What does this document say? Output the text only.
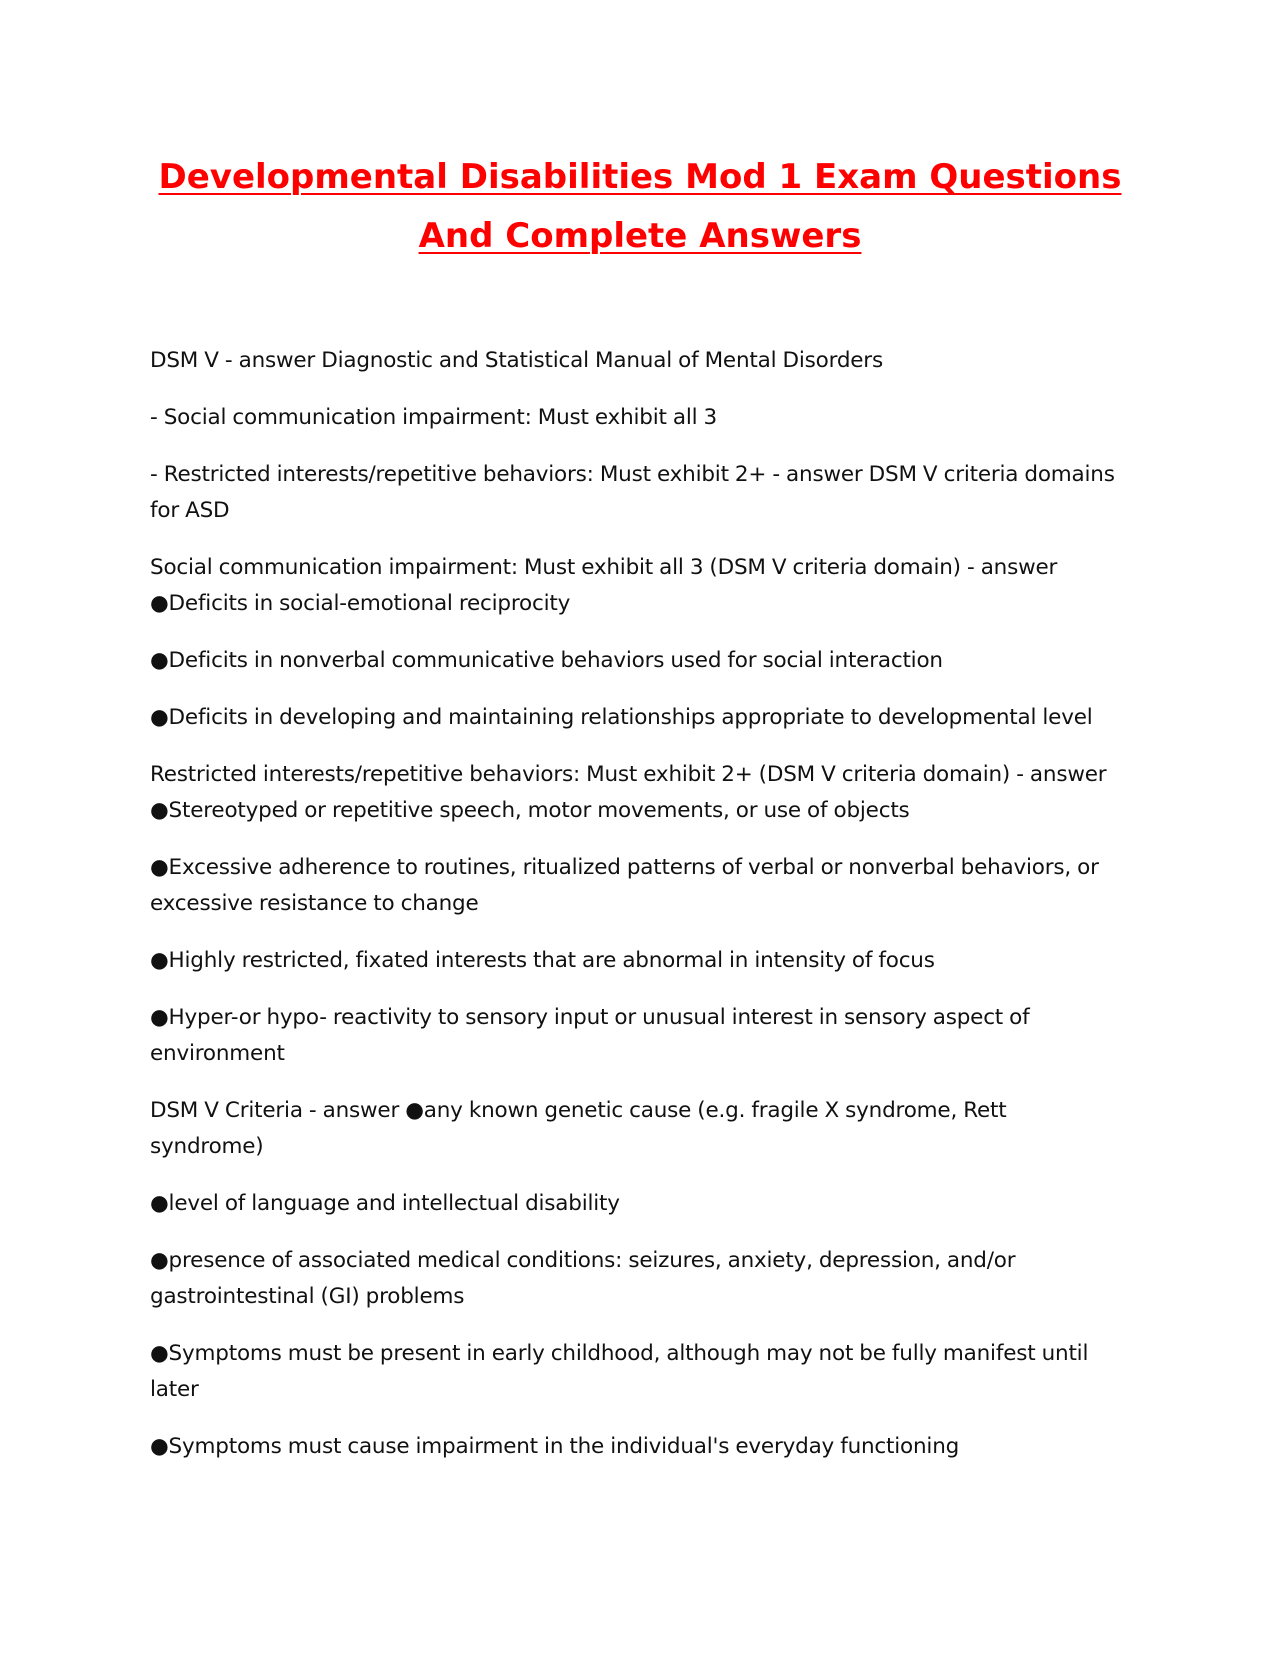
Developmental Disabilities Mod 1 Exam Questions
And Complete Answers

DSM V - answer Diagnostic and Statistical Manual of Mental Disorders

- Social communication impairment: Must exhibit all 3

- Restricted interests/repetitive behaviors: Must exhibit 2+ - answer DSM V criteria domains
for ASD

Social communication impairment: Must exhibit all 3 (DSM V criteria domain) - answer
●Deficits in social-emotional reciprocity

●Deficits in nonverbal communicative behaviors used for social interaction

●Deficits in developing and maintaining relationships appropriate to developmental level

Restricted interests/repetitive behaviors: Must exhibit 2+ (DSM V criteria domain) - answer
●Stereotyped or repetitive speech, motor movements, or use of objects

●Excessive adherence to routines, ritualized patterns of verbal or nonverbal behaviors, or
excessive resistance to change

●Highly restricted, fixated interests that are abnormal in intensity of focus

●Hyper-or hypo- reactivity to sensory input or unusual interest in sensory aspect of
environment

DSM V Criteria - answer ●any known genetic cause (e.g. fragile X syndrome, Rett
syndrome)

●level of language and intellectual disability

●presence of associated medical conditions: seizures, anxiety, depression, and/or
gastrointestinal (GI) problems

●Symptoms must be present in early childhood, although may not be fully manifest until
later

●Symptoms must cause impairment in the individual's everyday functioning
